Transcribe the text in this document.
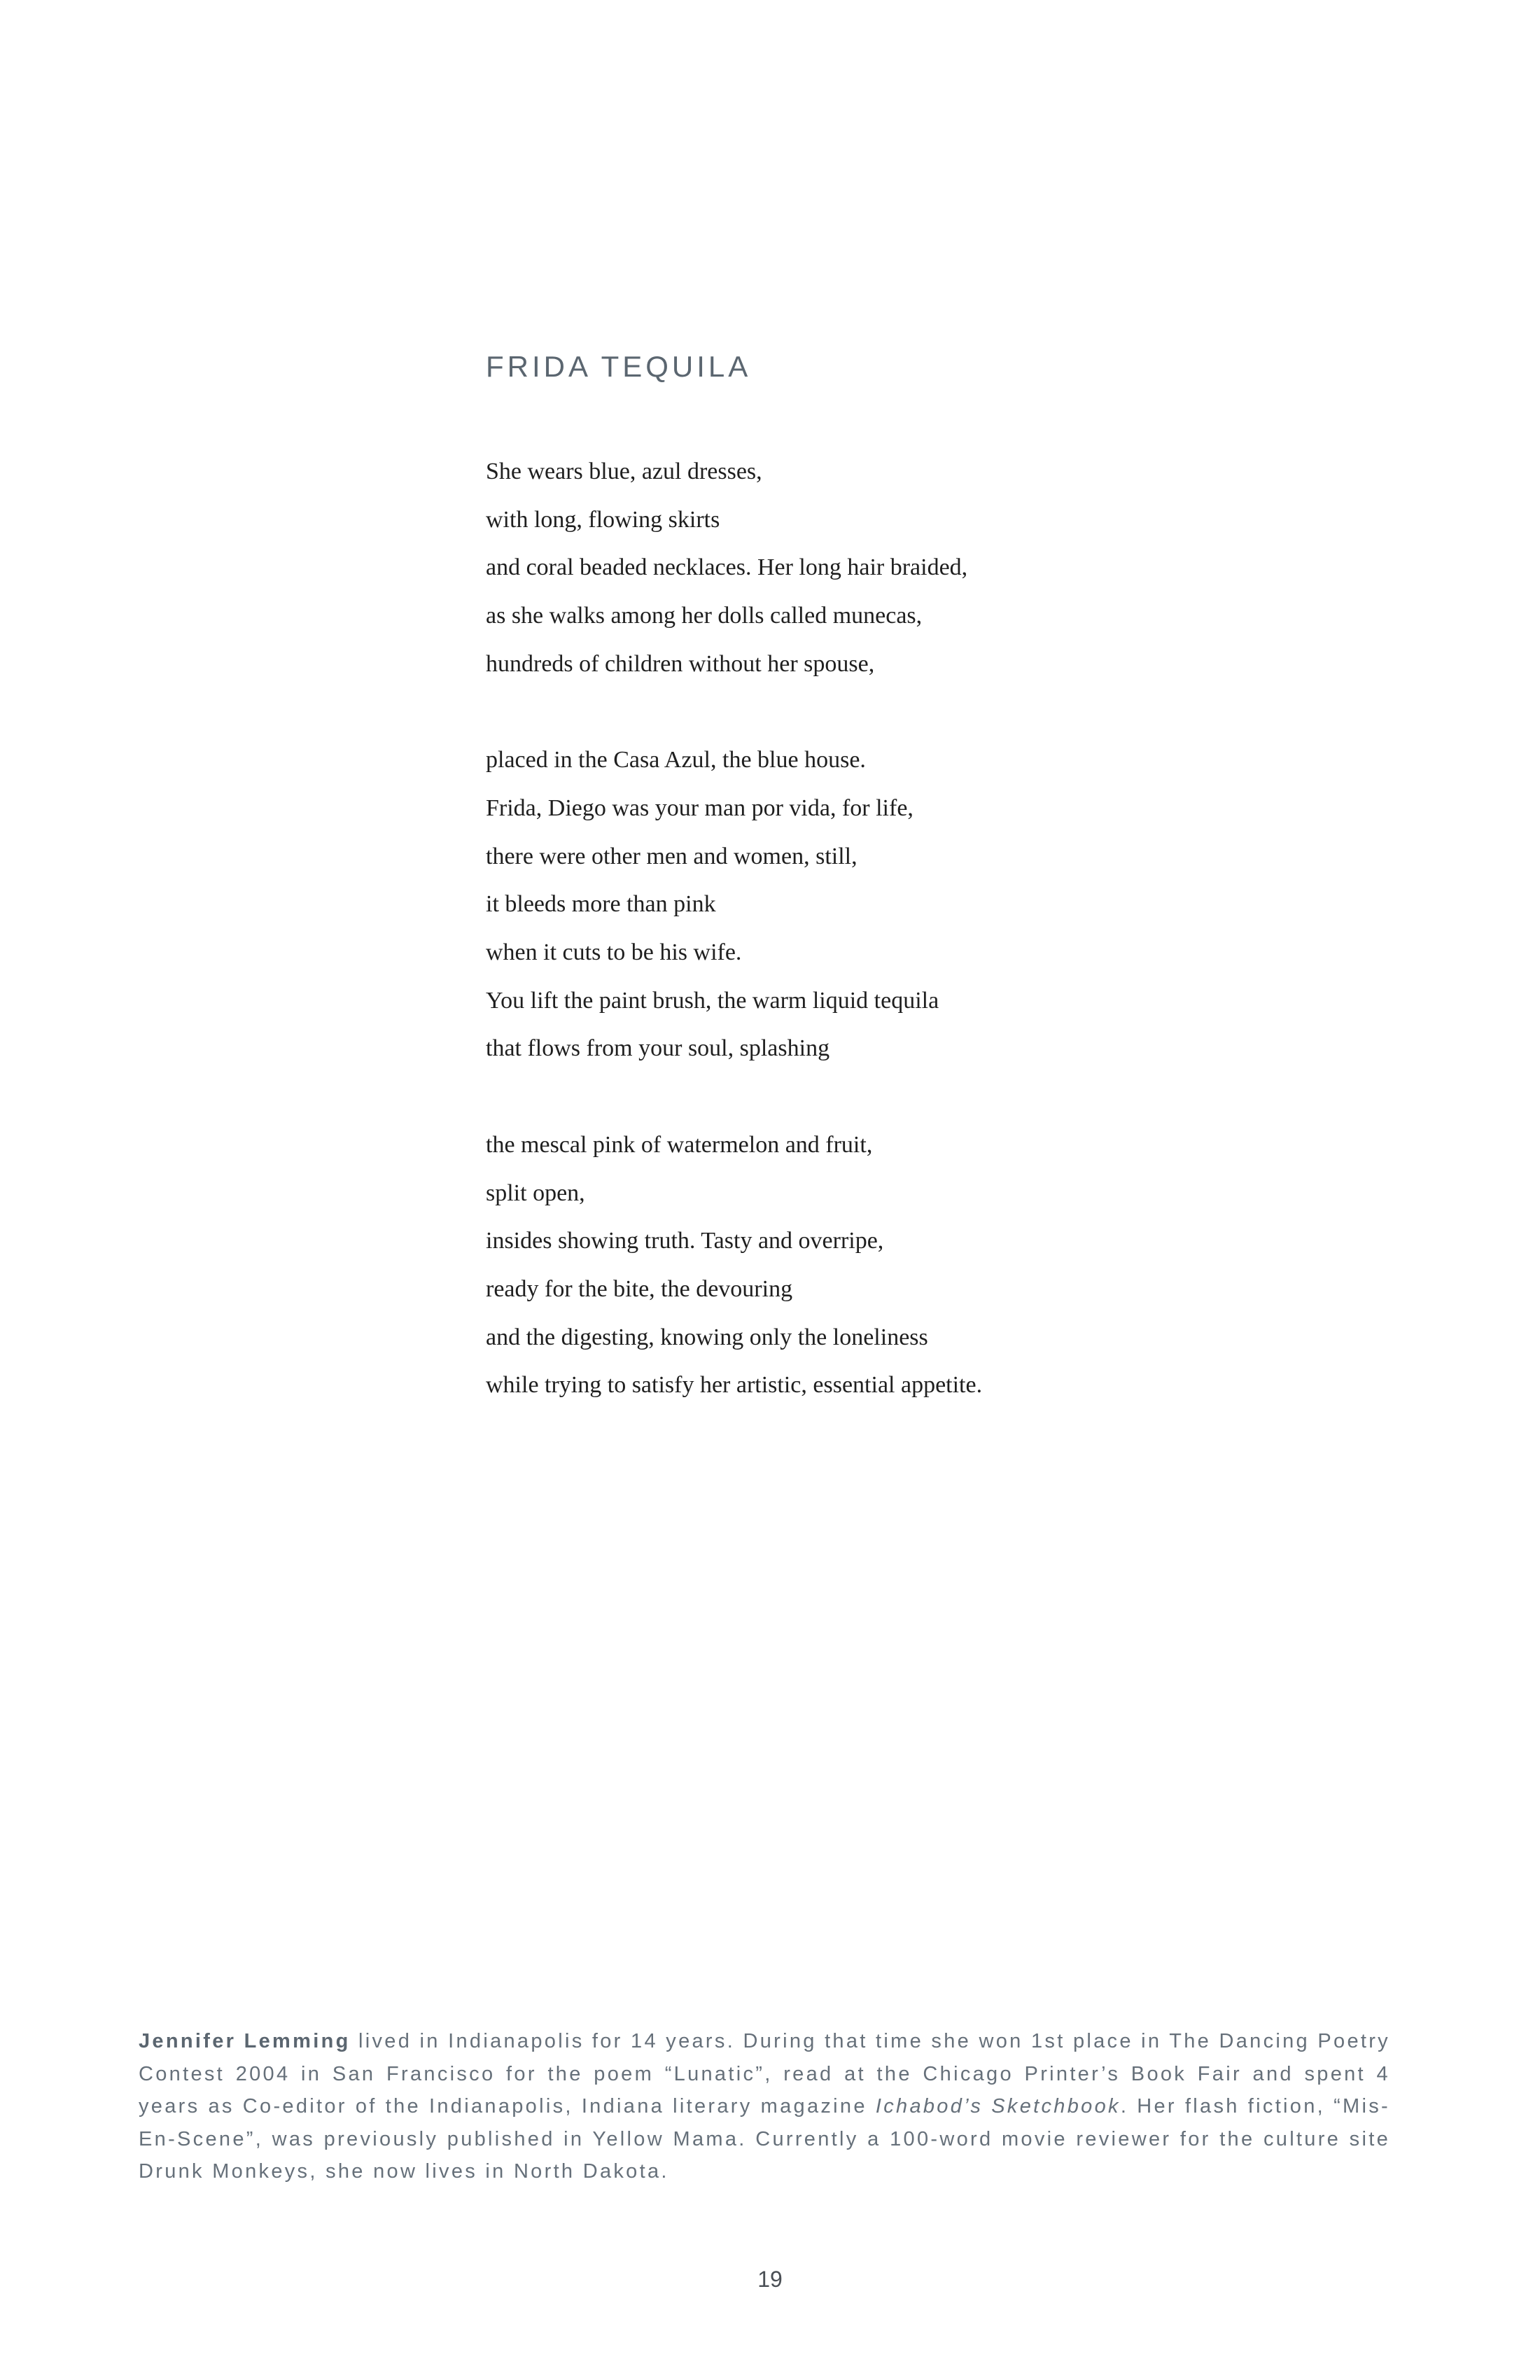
FRIDA TEQUILA

She wears blue, azul dresses,
with long, flowing skirts
and coral beaded necklaces. Her long hair braided,
as she walks among her dolls called munecas,
hundreds of children without her spouse,

placed in the Casa Azul, the blue house.
Frida, Diego was your man por vida, for life,
there were other men and women, still,
it bleeds more than pink
when it cuts to be his wife.
You lift the paint brush, the warm liquid tequila
that flows from your soul, splashing

the mescal pink of watermelon and fruit,
split open,
insides showing truth. Tasty and overripe,
ready for the bite, the devouring
and the digesting, knowing only the loneliness
while trying to satisfy her artistic, essential appetite.

Jennifer Lemming lived in Indianapolis for 14 years. During that time she won 1st place in The Dancing Poetry Contest 2004 in San Francisco for the poem “Lunatic”, read at the Chicago Printer’s Book Fair and spent 4 years as Co-editor of the Indianapolis, Indiana literary magazine Ichabod’s Sketchbook. Her flash fiction, “Mis-En-Scene”, was previously published in Yellow Mama. Currently a 100-word movie reviewer for the culture site Drunk Monkeys, she now lives in North Dakota.

19
